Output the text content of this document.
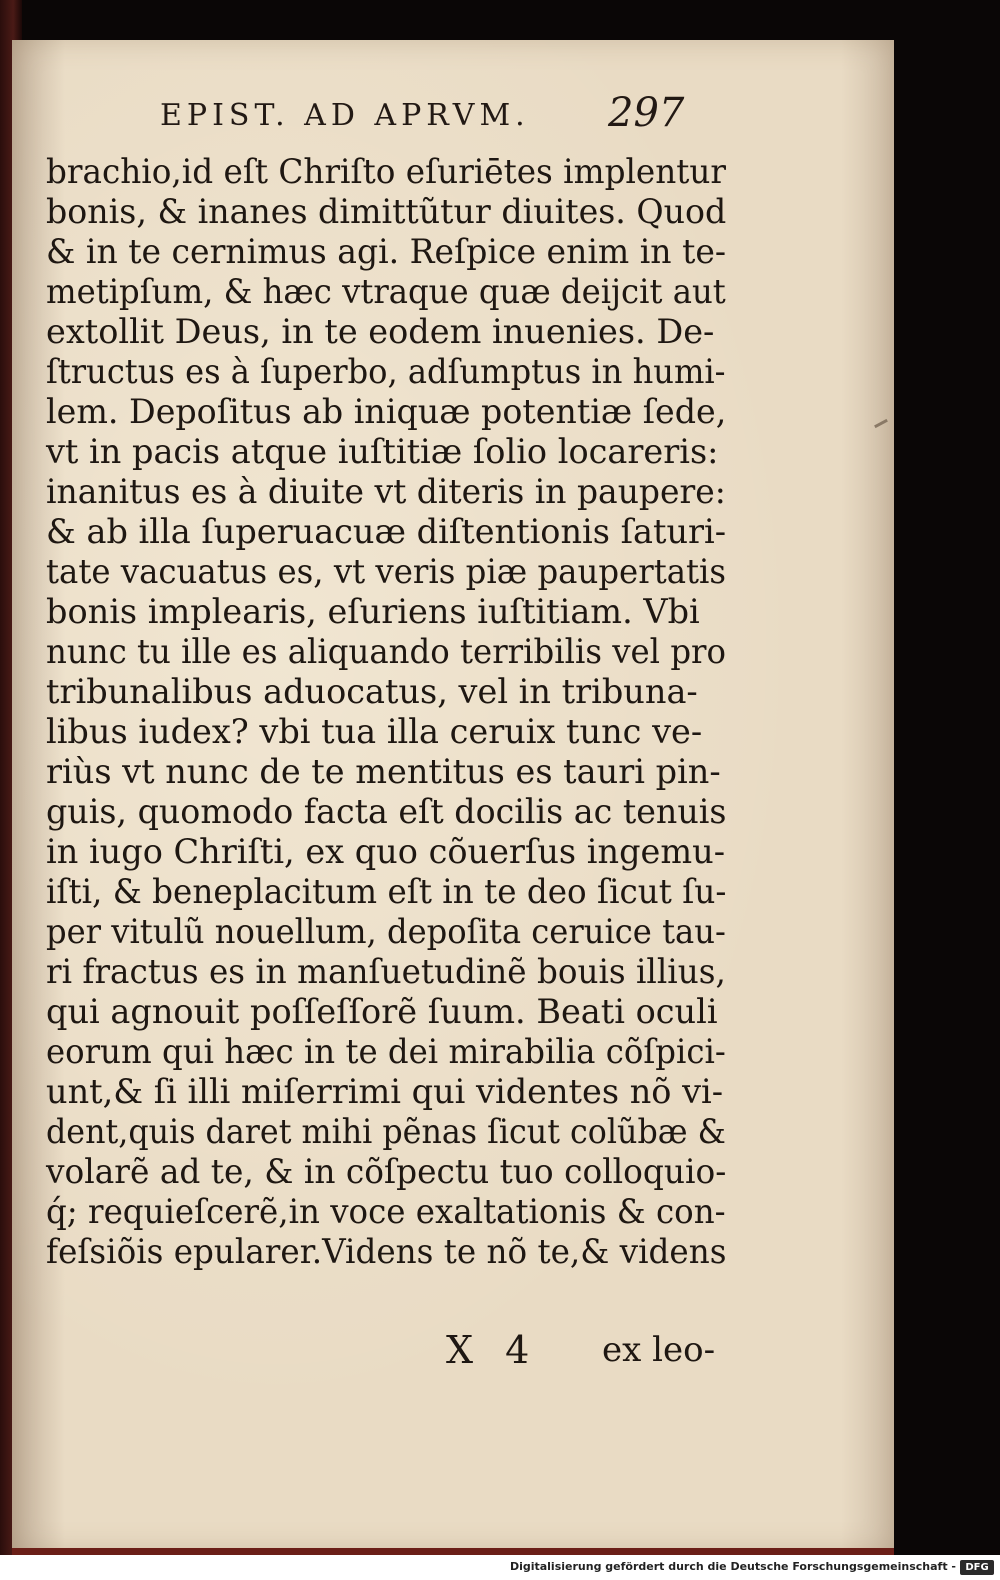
EPIST. AD APRVM. 297
brachio,id eſt Chriſto eſuriētes implentur
bonis, & inanes dimittũtur diuites. Quod
& in te cernimus agi. Reſpice enim in te-
metipſum, & hæc vtraque quæ deijcit aut
extollit Deus, in te eodem inuenies. De-
ſtructus es à ſuperbo, adſumptus in humi-
lem. Depoſitus ab iniquæ potentiæ ſede,
vt in pacis atque iuſtitiæ ſolio locareris:
inanitus es à diuite vt diteris in paupere:
& ab illa ſuperuacuæ diſtentionis ſaturi-
tate vacuatus es, vt veris piæ paupertatis
bonis implearis, eſuriens iuſtitiam. Vbi
nunc tu ille es aliquando terribilis vel pro
tribunalibus aduocatus, vel in tribuna-
libus iudex? vbi tua illa ceruix tunc ve-
riùs vt nunc de te mentitus es tauri pin-
guis, quomodo facta eſt docilis ac tenuis
in iugo Chriſti, ex quo cõuerſus ingemu-
iſti, & beneplacitum eſt in te deo ſicut ſu-
per vitulũ nouellum, depoſita ceruice tau-
ri fractus es in manſuetudinẽ bouis illius,
qui agnouit poſſeſſorẽ ſuum. Beati oculi
eorum qui hæc in te dei mirabilia cõſpici-
unt,& ſi illi miſerrimi qui videntes nõ vi-
dent,quis daret mihi pẽnas ſicut colũbæ &
volarẽ ad te, & in cõſpectu tuo colloquio-
q́; requieſcerẽ,in voce exaltationis & con-
feſsiõis epularer.Videns te nõ te,& videns
X 4 ex leo-
Digitalisierung gefördert durch die Deutsche Forschungsgemeinschaft - DFG
